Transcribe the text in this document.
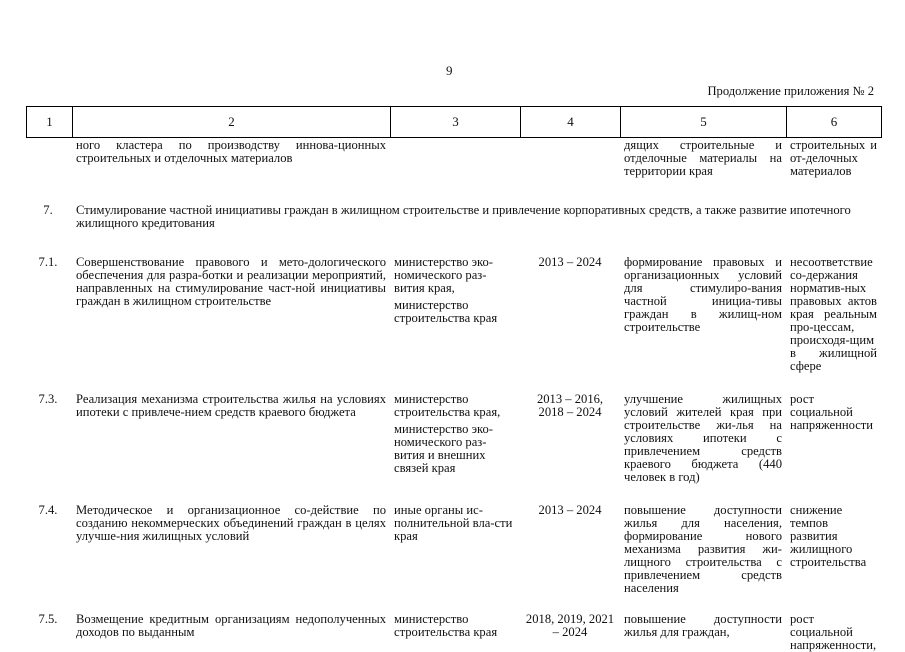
9
Продолжение приложения № 2
1	2	3	4	5	6
	ного кластера по производству иннова-ционных строительных и отделочных материалов			дящих строительные и отделочные материалы на территории края	строительных и от-делочных материалов

7.	Стимулирование частной инициативы граждан в жилищном строительстве и привлечение корпоративных средств, а также развитие ипотечного жилищного кредитования				

7.1.	Совершенствование правового и мето-дологического обеспечения для разра-ботки и реализации мероприятий, направленных на стимулирование част-ной инициативы граждан в жилищном строительстве	министерство эко-номического раз-вития края,
министерство строительства края	2013 – 2024	формирование правовых и организационных условий для стимулиро-вания частной инициа-тивы граждан в жилищ-ном строительстве	несоответствие со-держания норматив-ных правовых актов края реальным про-цессам, происходя-щим в жилищной сфере

7.3.	Реализация механизма строительства жилья на условиях ипотеки с привлече-нием средств краевого бюджета	министерство строительства края,
министерство эко-номического раз-вития и внешних связей края	2013 – 2016, 2018 – 2024	улучшение жилищных условий жителей края при строительстве жи-лья на условиях ипотеки с привлечением средств краевого бюджета (440 человек в год)	рост социальной напряженности

7.4.	Методическое и организационное со-действие по созданию некоммерческих объединений граждан в целях улучше-ния жилищных условий	иные органы ис-полнительной вла-сти края	2013 – 2024	повышение доступности жилья для населения, формирование нового механизма развития жи-лищного строительства с привлечением средств населения	снижение темпов развития жилищного строительства

7.5.	Возмещение кредитным организациям недополученных доходов по выданным	министерство строительства края	2018, 2019, 2021 – 2024	повышение доступности жилья для граждан,	рост социальной напряженности,
